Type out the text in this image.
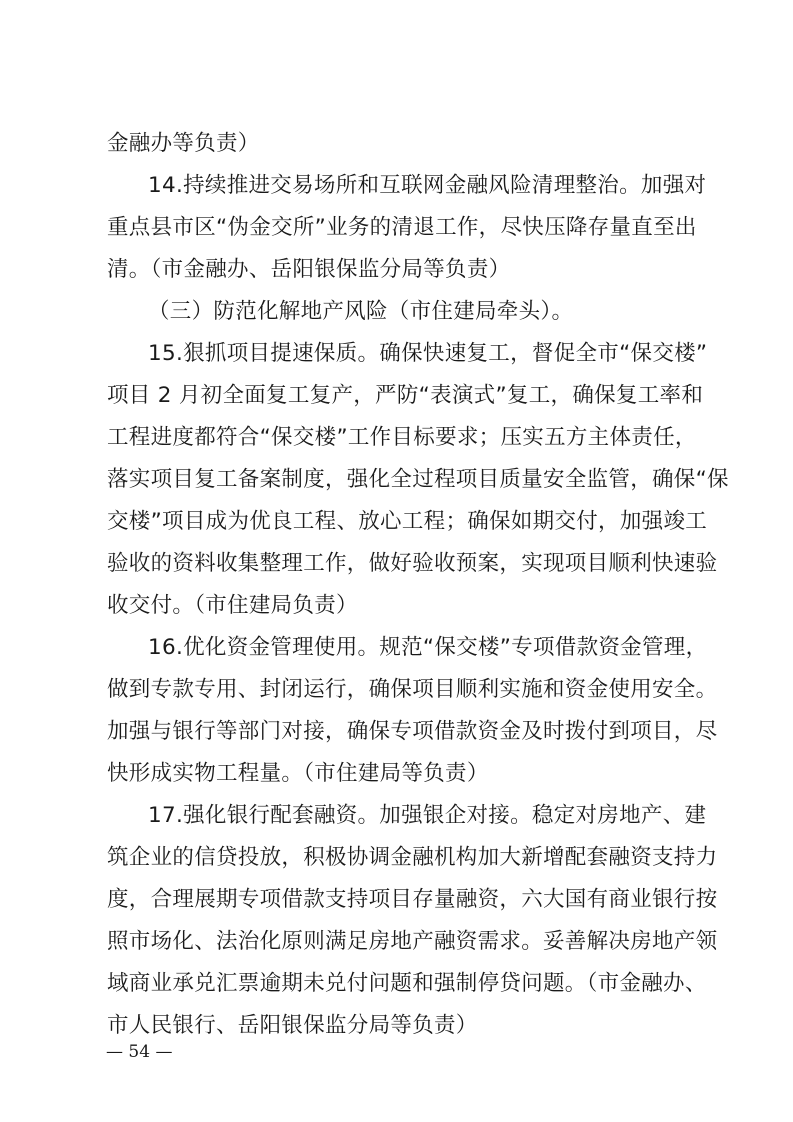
金融办等负责）
14.持续推进交易场所和互联网金融风险清理整治。加强对
重点县市区“伪金交所”业务的清退工作，尽快压降存量直至出
清。（市金融办、岳阳银保监分局等负责）
（三）防范化解地产风险（市住建局牵头）。
15.狠抓项目提速保质。确保快速复工，督促全市“保交楼”
项目 2 月初全面复工复产，严防“表演式”复工，确保复工率和
工程进度都符合“保交楼”工作目标要求；压实五方主体责任，
落实项目复工备案制度，强化全过程项目质量安全监管，确保“保
交楼”项目成为优良工程、放心工程；确保如期交付，加强竣工
验收的资料收集整理工作，做好验收预案，实现项目顺利快速验
收交付。（市住建局负责）
16.优化资金管理使用。规范“保交楼”专项借款资金管理，
做到专款专用、封闭运行，确保项目顺利实施和资金使用安全。
加强与银行等部门对接，确保专项借款资金及时拨付到项目，尽
快形成实物工程量。（市住建局等负责）
17.强化银行配套融资。加强银企对接。稳定对房地产、建
筑企业的信贷投放，积极协调金融机构加大新增配套融资支持力
度，合理展期专项借款支持项目存量融资，六大国有商业银行按
照市场化、法治化原则满足房地产融资需求。妥善解决房地产领
域商业承兑汇票逾期未兑付问题和强制停贷问题。（市金融办、
市人民银行、岳阳银保监分局等负责）
— 54 —
